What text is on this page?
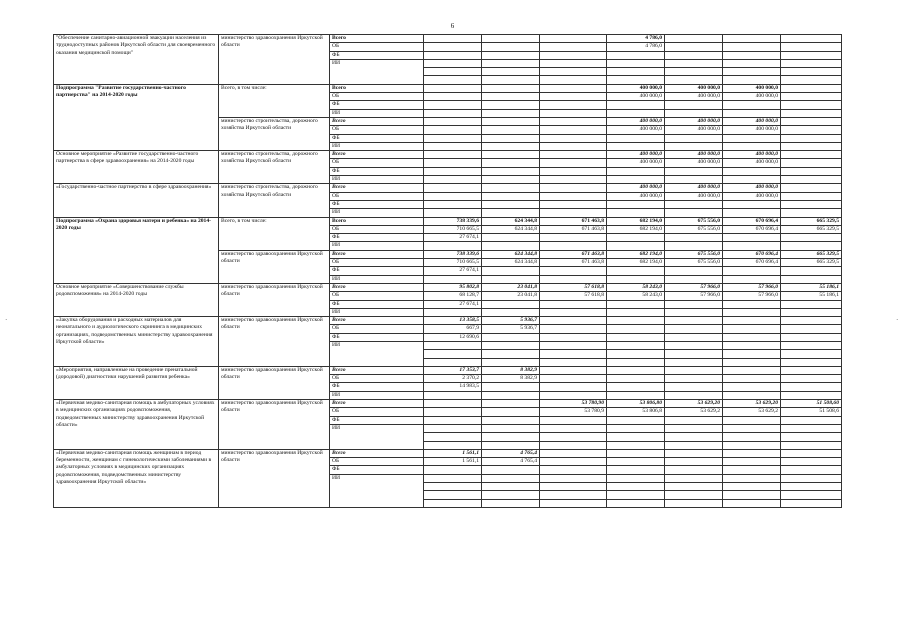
6
"Обеспечение санитарно-авиационной эвакуации населения из труднодоступных районов Иркутской области для своевременного оказания медицинской помощи"	министерство здравоохранения Иркутской области	Всего				4 786,0			
		ОБ				4 786,0			
		ФБ							
		ИИ							

Подпрограмма "Развитие государственно-частного партнерства" на 2014-2020 годы	Всего, в том числе:	Всего				400 000,0	400 000,0	400 000,0	
		ОБ				400 000,0	400 000,0	400 000,0	
		ФБ							
		ИИ							
	министерство строительства, дорожного хозяйства Иркутской области	Всего				400 000,0	400 000,0	400 000,0	
		ОБ				400 000,0	400 000,0	400 000,0	
		ФБ							
		ИИ							
Основное мероприятие «Развитие государственно-частного партнерства в сфере здравоохранения» на 2014-2020 годы	министерство строительства, дорожного хозяйства Иркутской области	Всего				400 000,0	400 000,0	400 000,0	
		ОБ				400 000,0	400 000,0	400 000,0	
		ФБ							
		ИИ							
«Государственно-частное партнерство в сфере здравоохранения»	министерство строительства, дорожного хозяйства Иркутской области	Всего				400 000,0	400 000,0	400 000,0	
		ОБ				400 000,0	400 000,0	400 000,0	
		ФБ							
		ИИ							
Подпрограмма «Охрана здоровья матери и ребенка» на 2014-2020 годы	Всего, в том числе:	Всего	738 339,6	624 344,8	671 463,8	682 194,0	675 556,0	670 696,4	665 329,5
		ОБ	710 665,5	624 344,8	671 463,8	682 194,0	675 556,0	670 696,4	665 329,5
		ФБ	27 674,1						
		ИИ							
	министерство здравоохранения Иркутской области	Всего	738 339,6	624 344,8	671 463,8	682 194,0	675 556,0	670 696,4	665 329,5
		ОБ	710 665,5	624 344,8	671 463,8	682 194,0	675 556,0	670 696,4	665 329,5
		ФБ	27 674,1						
		ИИ							
Основное мероприятие «Совершенствование службы родовспоможения» на 2014-2020 годы	министерство здравоохранения Иркутской области	Всего	95 802,8	23 041,8	57 618,8	58 243,0	57 966,0	57 966,0	55 186,1
		ОБ	68 128,7	23 041,8	57 618,8	58 243,0	57 966,0	57 966,0	55 186,1
		ФБ	27 674,1						
		ИИ							
«Закупка оборудования и расходных материалов для неонатального и аудиологического скрининга в медицинских организациях, подведомственных министерству здравоохранения Иркутской области»	министерство здравоохранения Иркутской области	Всего	13 358,5	5 936,7					
		ОБ	667,9	5 936,7					
		ФБ	12 690,6						
		ИИ							

«Мероприятия, направленные на проведение пренатальной (дородовой) диагностики нарушений развития ребенка»	министерство здравоохранения Иркутской области	Всего	17 353,7	8 382,9					
		ОБ	2 370,2	8 382,9					
		ФБ	14 983,5						
		ИИ							
«Первичная медико-санитарная помощь в амбулаторных условиях в медицинских организациях родовспоможения, подведомственных министерству здравоохранения Иркутской области»	министерство здравоохранения Иркутской области	Всего			53 780,90	53 806,80	53 629,20	53 629,20	51 508,60
		ОБ			53 780,9	53 806,8	53 629,2	53 629,2	51 508,6
		ФБ							
		ИИ							

«Первичная медико-санитарная помощь женщинам в период беременности, женщинам с гинекологическими заболеваниями в амбулаторных условиях в медицинских организациях родовспоможения, подведомственных министерству здравоохранения Иркутской области»	министерство здравоохранения Иркутской области	Всего	1 561,1	4 765,4					
		ОБ	1 561,1	4 765,4					
		ФБ							
		ИИ							

·	·
